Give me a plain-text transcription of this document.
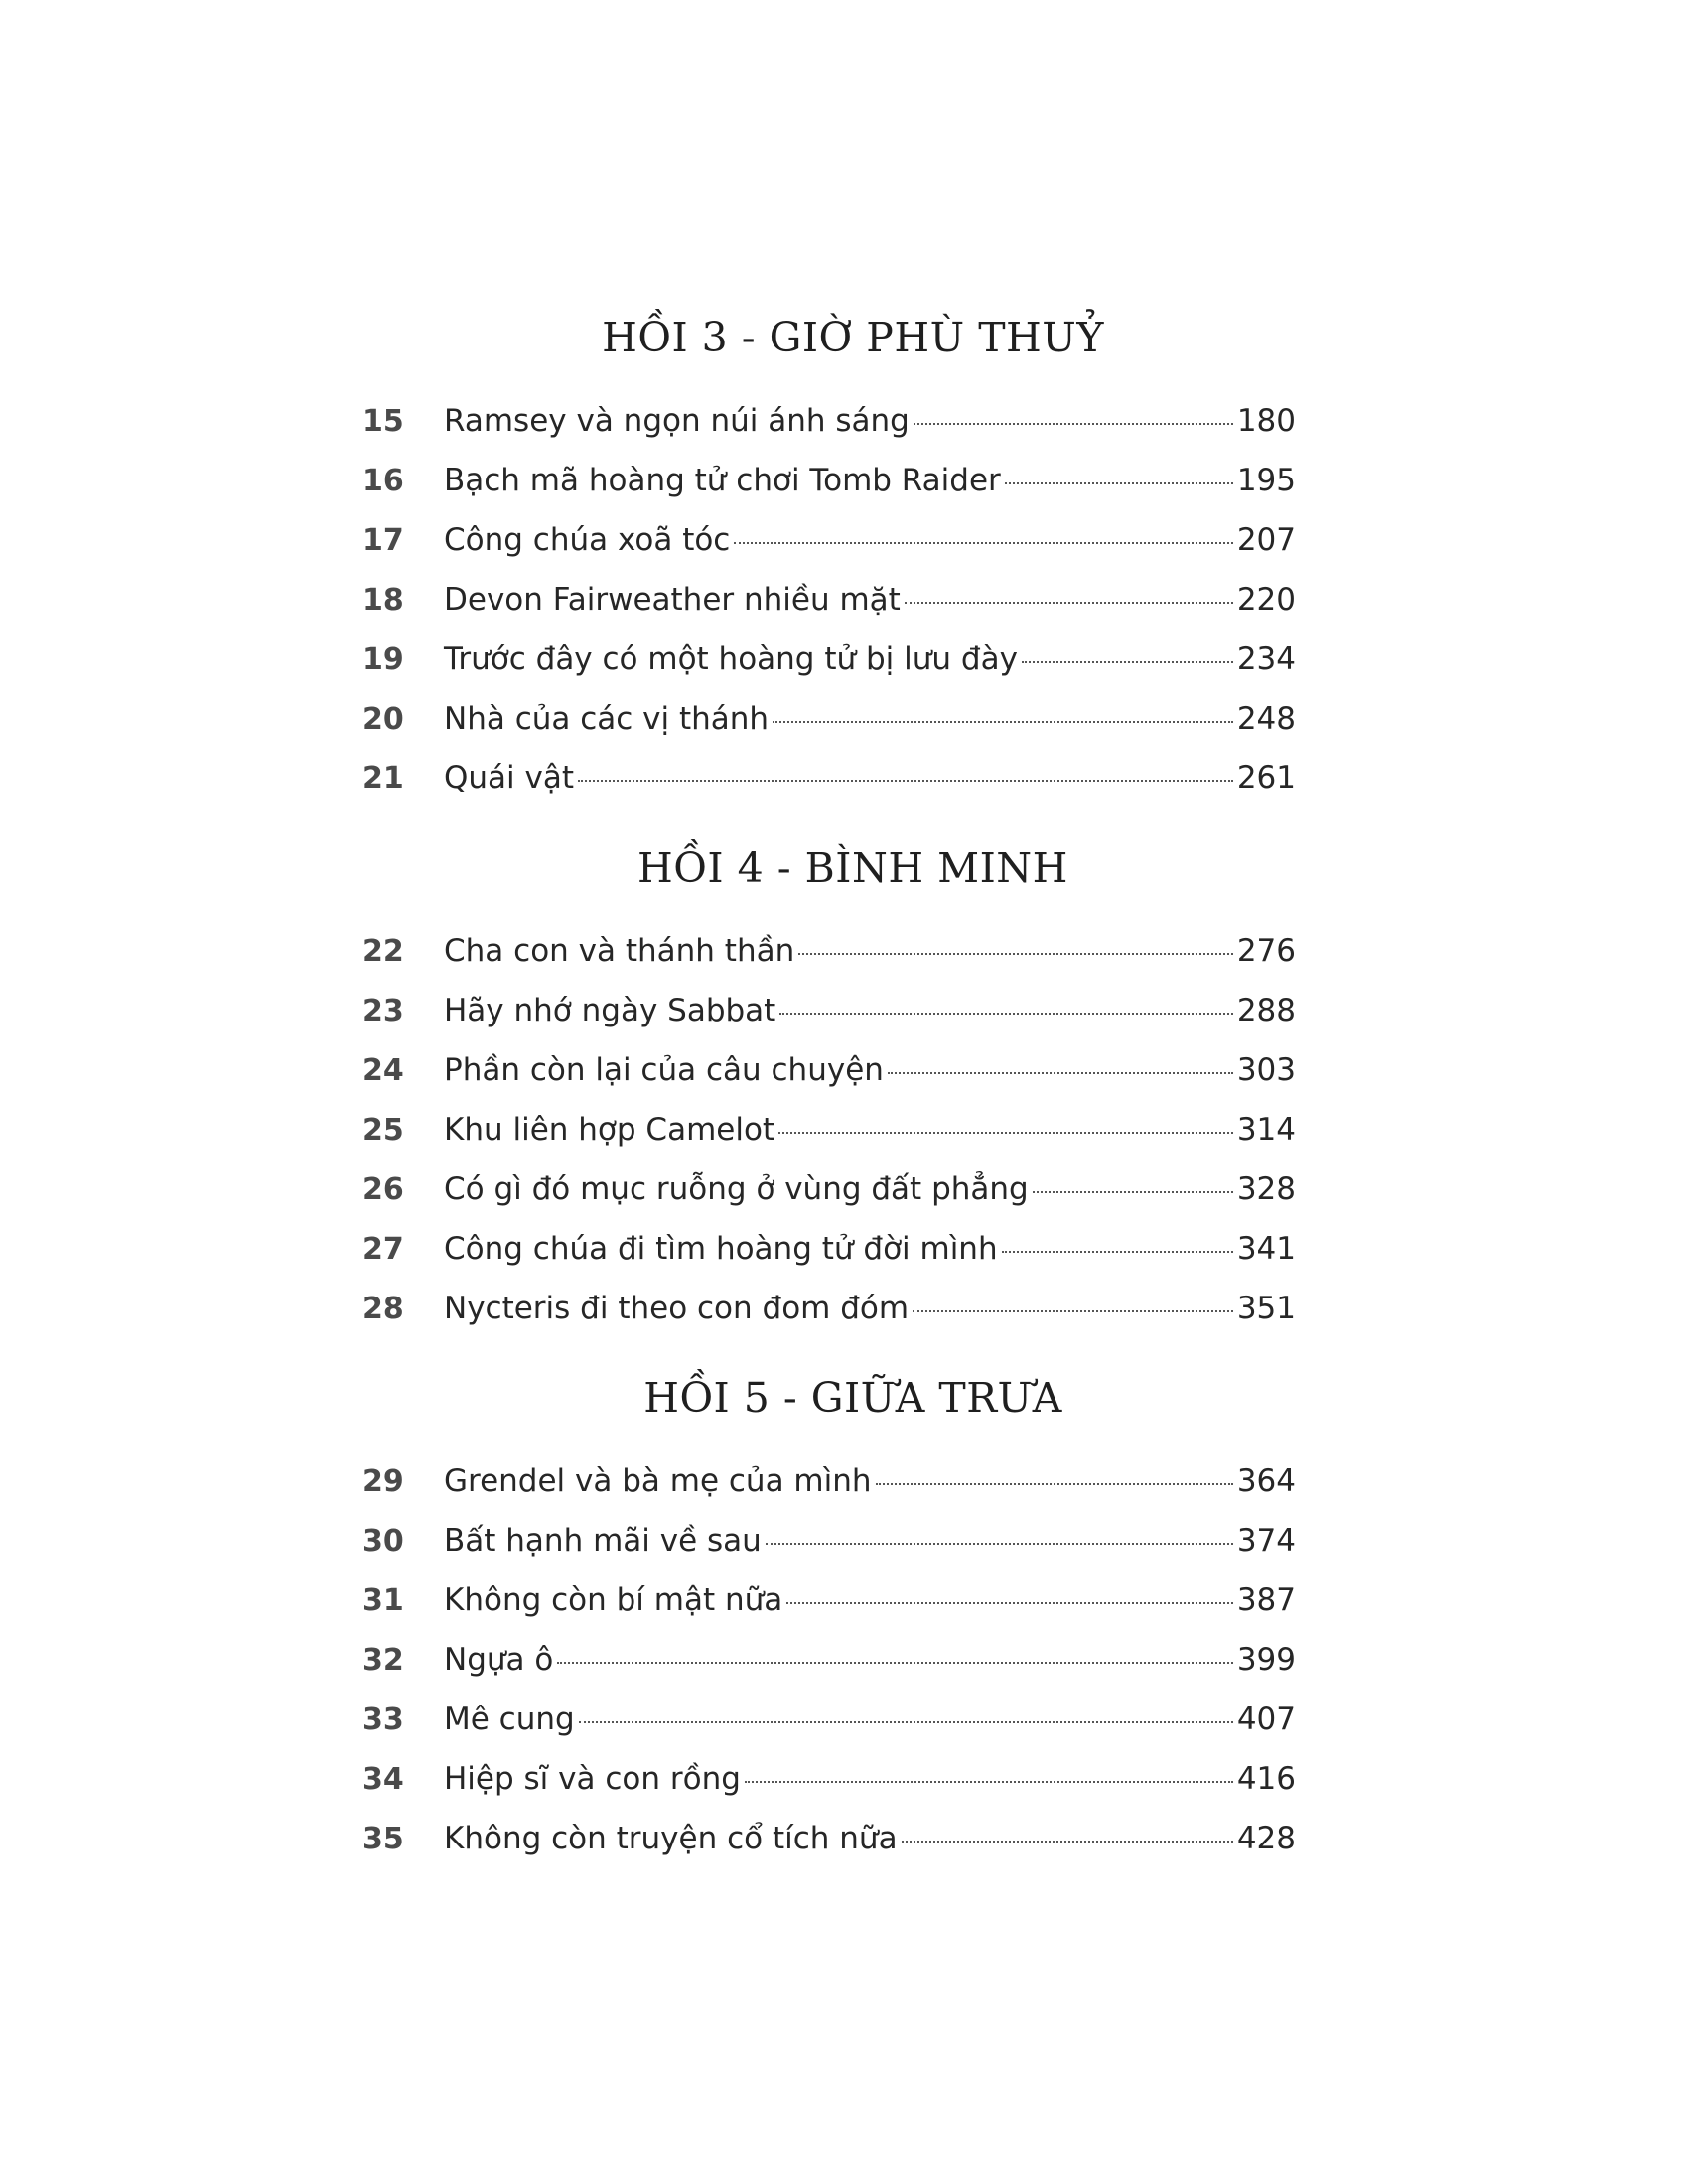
HỒI 3 - GIỜ PHÙ THUỶ
15	Ramsey và ngọn núi ánh sáng	180
16	Bạch mã hoàng tử chơi Tomb Raider	195
17	Công chúa xoã tóc	207
18	Devon Fairweather nhiều mặt	220
19	Trước đây có một hoàng tử bị lưu đày	234
20	Nhà của các vị thánh	248
21	Quái vật	261
HỒI 4 - BÌNH MINH
22	Cha con và thánh thần	276
23	Hãy nhớ ngày Sabbat	288
24	Phần còn lại của câu chuyện	303
25	Khu liên hợp Camelot	314
26	Có gì đó mục ruỗng ở vùng đất phẳng	328
27	Công chúa đi tìm hoàng tử đời mình	341
28	Nycteris đi theo con đom đóm	351
HỒI 5 - GIỮA TRƯA
29	Grendel và bà mẹ của mình	364
30	Bất hạnh mãi về sau	374
31	Không còn bí mật nữa	387
32	Ngựa ô	399
33	Mê cung	407
34	Hiệp sĩ và con rồng	416
35	Không còn truyện cổ tích nữa	428
